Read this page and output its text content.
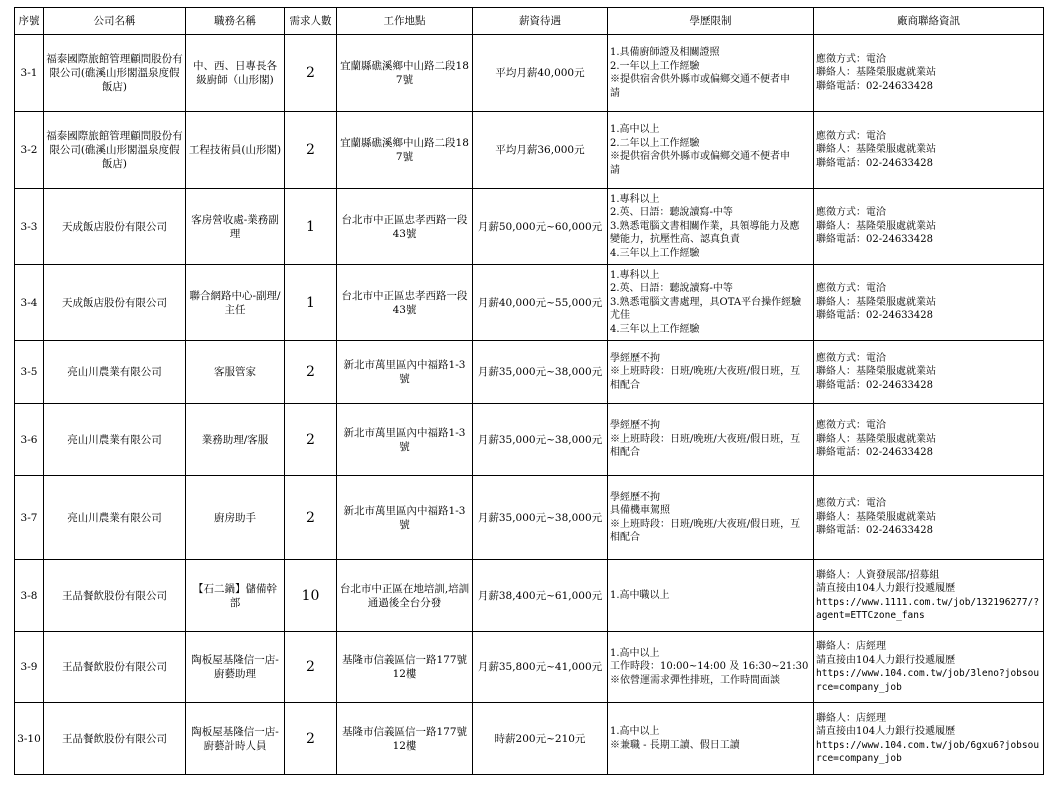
序號	公司名稱	職務名稱	需求人數	工作地點	薪資待遇	學歷限制	廠商聯絡資訊
3-1	福泰國際旅館管理顧問股份有限公司(礁溪山形閣溫泉度假飯店)	中、西、日專長各級廚師（山形閣)	2	宜蘭縣礁溪鄉中山路二段187號	平均月薪40,000元	1.具備廚師證及相關證照
2.一年以上工作經驗
※提供宿舍供外縣市或偏鄉交通不便者申
請	應徵方式：電洽
聯絡人：基隆榮服處就業站
聯絡電話：02-24633428

3-2	福泰國際旅館管理顧問股份有限公司(礁溪山形閣溫泉度假飯店)	工程技術員(山形閣)	2	宜蘭縣礁溪鄉中山路二段187號	平均月薪36,000元	1.高中以上
2.二年以上工作經驗
※提供宿舍供外縣市或偏鄉交通不便者申
請	應徵方式：電洽
聯絡人：基隆榮服處就業站
聯絡電話：02-24633428

3-3	天成飯店股份有限公司	客房營收處-業務副理	1	台北市中正區忠孝西路一段43號	月薪50,000元~60,000元	1.專科以上
2.英、日語：聽說讀寫-中等
3.熟悉電腦文書相關作業，具領導能力及應
變能力，抗壓性高、認真負責
4.三年以上工作經驗	應徵方式：電洽
聯絡人：基隆榮服處就業站
聯絡電話：02-24633428

3-4	天成飯店股份有限公司	聯合網路中心-副理/主任	1	台北市中正區忠孝西路一段43號	月薪40,000元~55,000元	1.專科以上
2.英、日語：聽說讀寫-中等
3.熟悉電腦文書處理，具OTA平台操作經驗
尤佳
4.三年以上工作經驗	應徵方式：電洽
聯絡人：基隆榮服處就業站
聯絡電話：02-24633428

3-5	亮山川農業有限公司	客服管家	2	新北市萬里區內中福路1-3號	月薪35,000元~38,000元	學經歷不拘
※上班時段：日班/晚班/大夜班/假日班，互
相配合	應徵方式：電洽
聯絡人：基隆榮服處就業站
聯絡電話：02-24633428

3-6	亮山川農業有限公司	業務助理/客服	2	新北市萬里區內中福路1-3號	月薪35,000元~38,000元	學經歷不拘
※上班時段：日班/晚班/大夜班/假日班，互
相配合	應徵方式：電洽
聯絡人：基隆榮服處就業站
聯絡電話：02-24633428

3-7	亮山川農業有限公司	廚房助手	2	新北市萬里區內中福路1-3號	月薪35,000元~38,000元	學經歷不拘
具備機車駕照
※上班時段：日班/晚班/大夜班/假日班，互
相配合	應徵方式：電洽
聯絡人：基隆榮服處就業站
聯絡電話：02-24633428

3-8	王品餐飲股份有限公司	【石二鍋】儲備幹部	10	台北市中正區在地培訓,培訓通過後全台分發	月薪38,400元~61,000元	1.高中職以上	聯絡人：人資發展部/招募組
請直接由104人力銀行投遞履歷
https://www.1111.com.tw/job/132196277/?agent=ETTCzone_fans

3-9	王品餐飲股份有限公司	陶板屋基隆信一店-廚藝助理	2	基隆市信義區信一路177號12樓	月薪35,800元~41,000元	1.高中以上
工作時段：10:00~14:00 及 16:30~21:30
※依營運需求彈性排班，工作時間面談	聯絡人：店經理
請直接由104人力銀行投遞履歷
https://www.104.com.tw/job/3leno?jobsource=company_job

3-10	王品餐飲股份有限公司	陶板屋基隆信一店-廚藝計時人員	2	基隆市信義區信一路177號12樓	時薪200元~210元	1.高中以上
※兼職 - 長期工讀、假日工讀	聯絡人：店經理
請直接由104人力銀行投遞履歷
https://www.104.com.tw/job/6gxu6?jobsource=company_job
